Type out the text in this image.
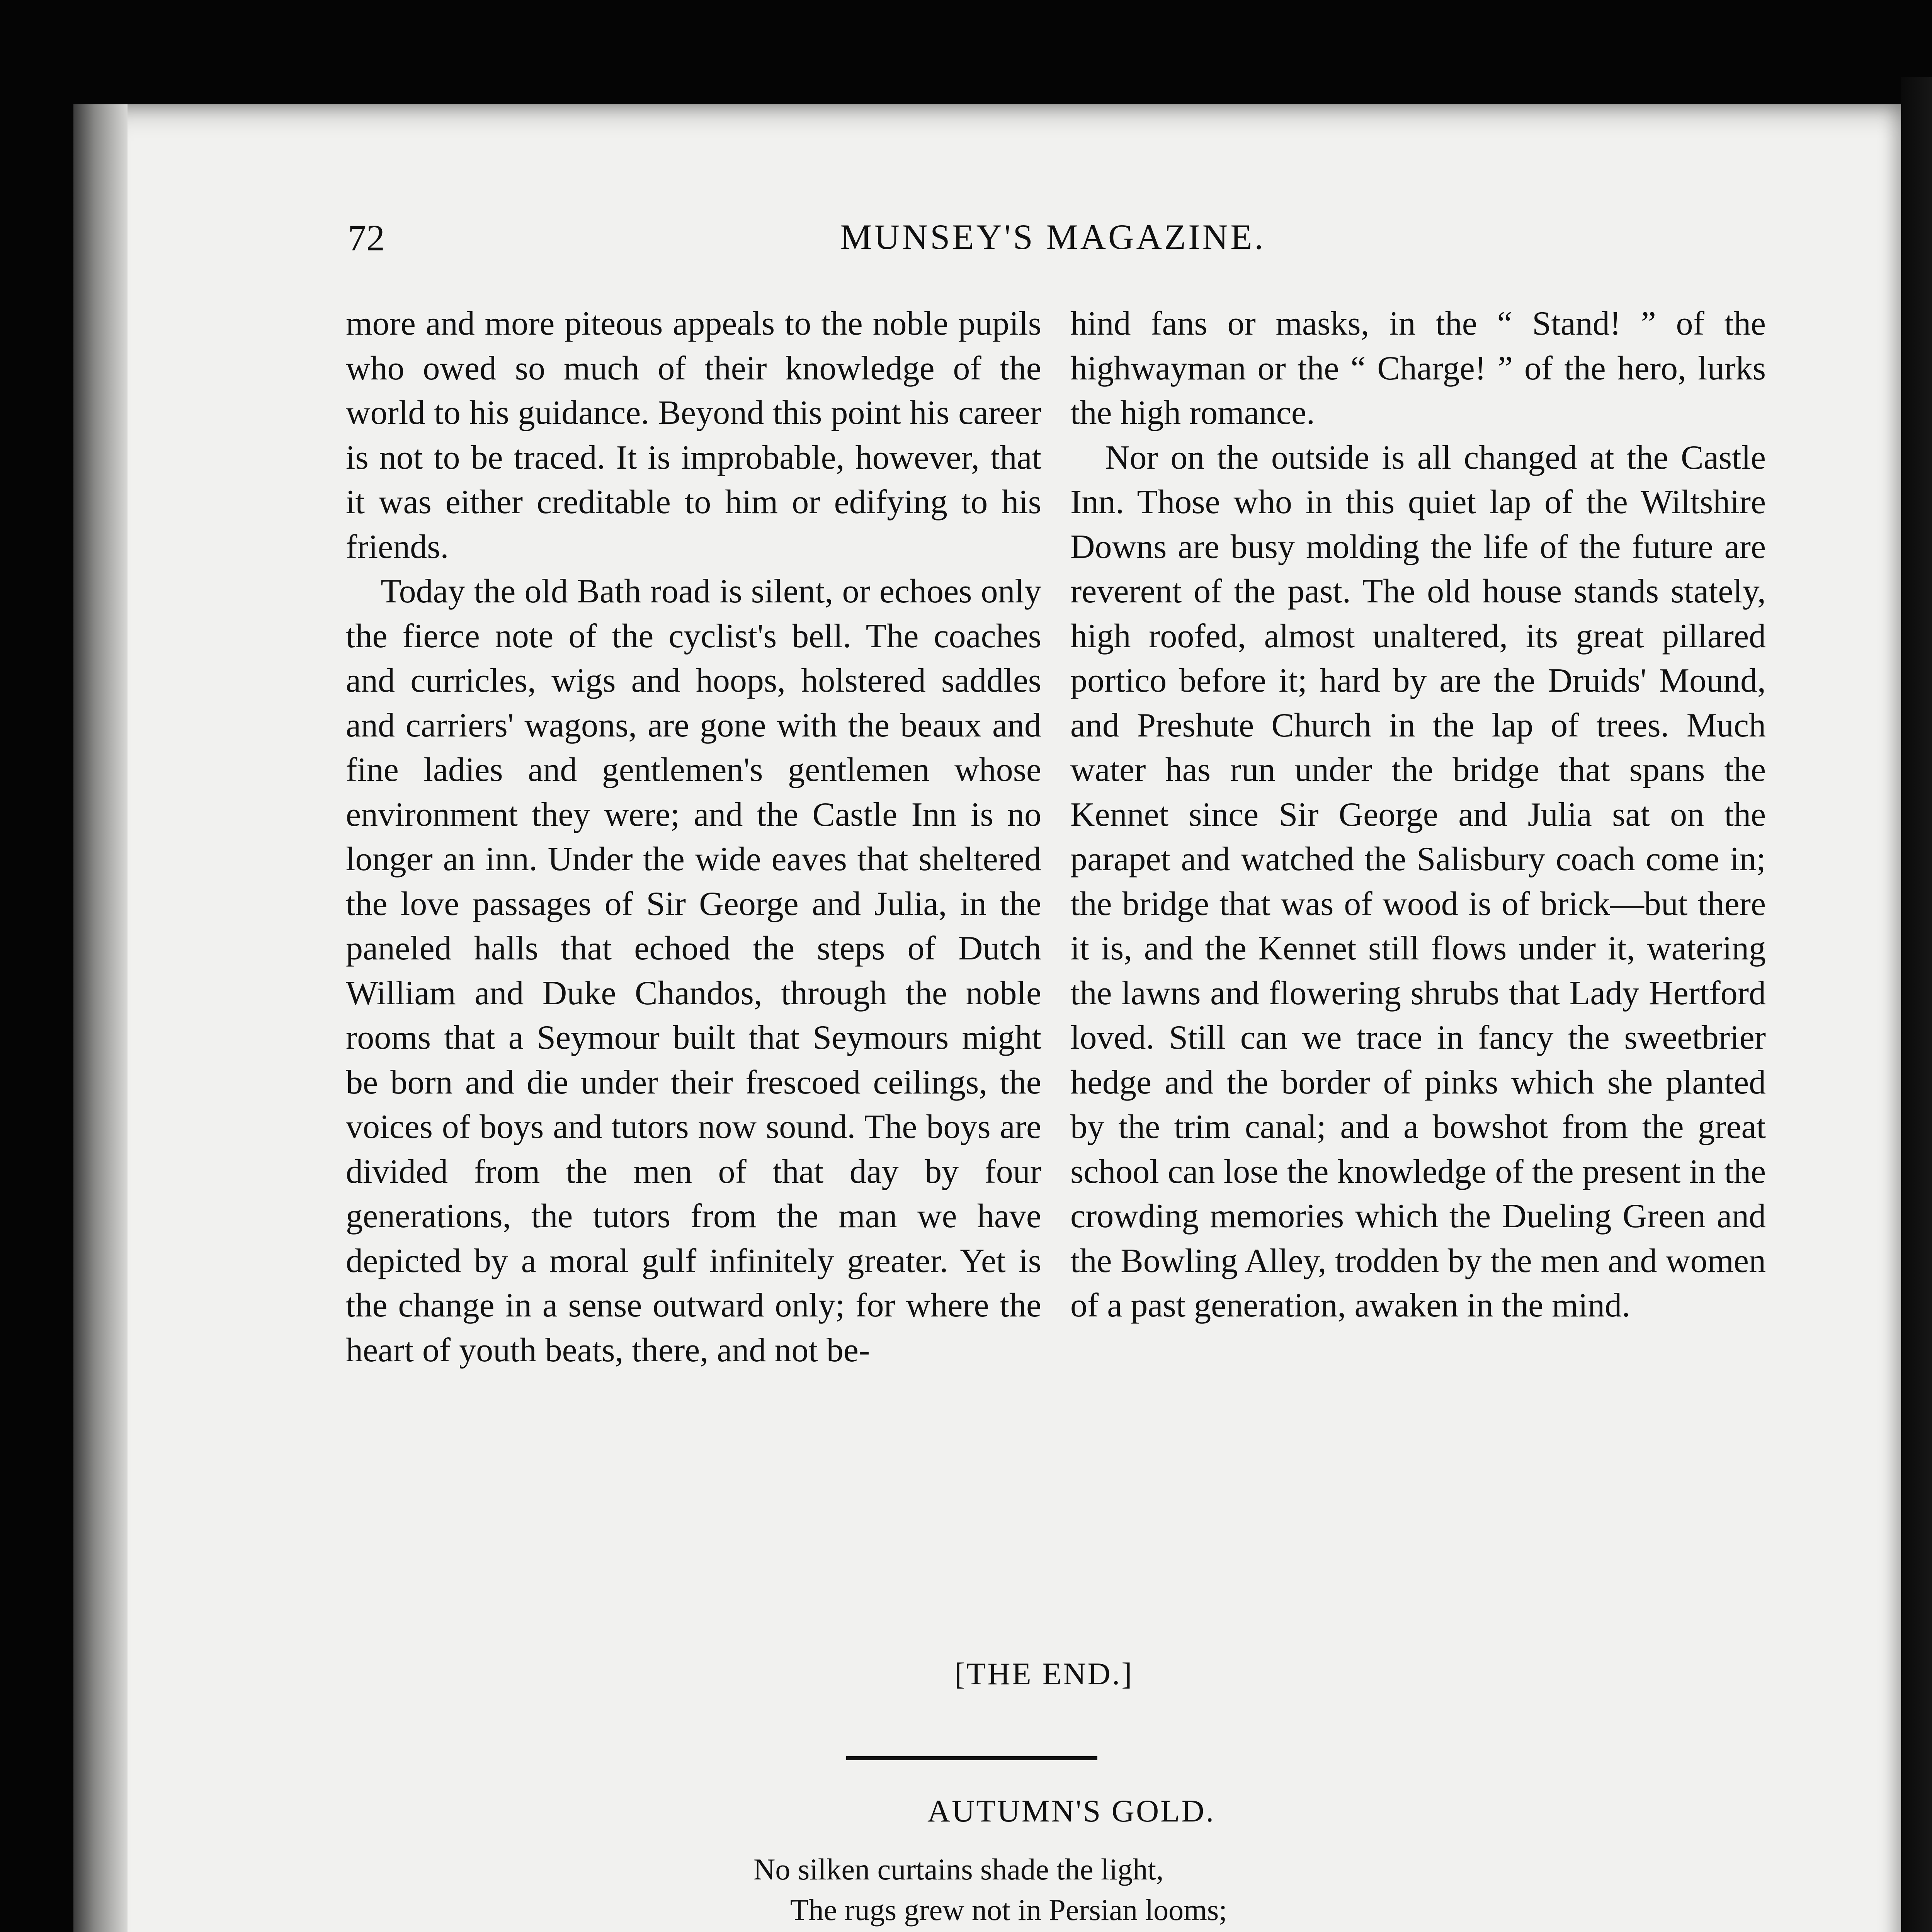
72	MUNSEY'S MAGAZINE.

more and more piteous appeals to the noble pupils who owed so much of their knowledge of the world to his guidance. Beyond this point his career is not to be traced. It is improbable, however, that it was either creditable to him or edifying to his friends.

Today the old Bath road is silent, or echoes only the fierce note of the cyclist's bell. The coaches and curricles, wigs and hoops, holstered saddles and carriers' wagons, are gone with the beaux and fine ladies and gentlemen's gentlemen whose environment they were; and the Castle Inn is no longer an inn. Under the wide eaves that sheltered the love passages of Sir George and Julia, in the paneled halls that echoed the steps of Dutch William and Duke Chandos, through the noble rooms that a Seymour built that Seymours might be born and die under their frescoed ceilings, the voices of boys and tutors now sound. The boys are divided from the men of that day by four generations, the tutors from the man we have depicted by a moral gulf infinitely greater. Yet is the change in a sense outward only; for where the heart of youth beats, there, and not be-

hind fans or masks, in the “ Stand! ” of the highwayman or the “ Charge! ” of the hero, lurks the high romance.

Nor on the outside is all changed at the Castle Inn. Those who in this quiet lap of the Wiltshire Downs are busy molding the life of the future are reverent of the past. The old house stands stately, high roofed, almost unaltered, its great pillared portico before it; hard by are the Druids' Mound, and Preshute Church in the lap of trees. Much water has run under the bridge that spans the Kennet since Sir George and Julia sat on the parapet and watched the Salisbury coach come in; the bridge that was of wood is of brick—but there it is, and the Kennet still flows under it, watering the lawns and flowering shrubs that Lady Hertford loved. Still can we trace in fancy the sweetbrier hedge and the border of pinks which she planted by the trim canal; and a bowshot from the great school can lose the knowledge of the present in the crowding memories which the Dueling Green and the Bowling Alley, trodden by the men and women of a past generation, awaken in the mind.

[THE END.]
AUTUMN'S GOLD.
No silken curtains shade the light,
The rugs grew not in Persian looms;
